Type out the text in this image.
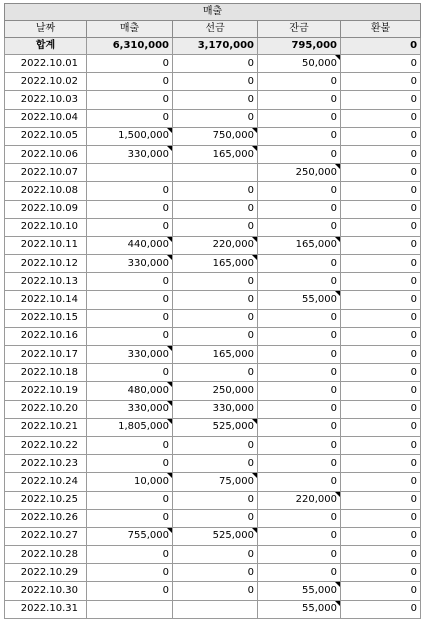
매출				
날짜	매출	선금	잔금	환불
합계	6,310,000	3,170,000	795,000	0
2022.10.01	0	0	50,000	0
2022.10.02	0	0	0	0
2022.10.03	0	0	0	0
2022.10.04	0	0	0	0
2022.10.05	1,500,000	750,000	0	0
2022.10.06	330,000	165,000	0	0
2022.10.07			250,000	0
2022.10.08	0	0	0	0
2022.10.09	0	0	0	0
2022.10.10	0	0	0	0
2022.10.11	440,000	220,000	165,000	0
2022.10.12	330,000	165,000	0	0
2022.10.13	0	0	0	0
2022.10.14	0	0	55,000	0
2022.10.15	0	0	0	0
2022.10.16	0	0	0	0
2022.10.17	330,000	165,000	0	0
2022.10.18	0	0	0	0
2022.10.19	480,000	250,000	0	0
2022.10.20	330,000	330,000	0	0
2022.10.21	1,805,000	525,000	0	0
2022.10.22	0	0	0	0
2022.10.23	0	0	0	0
2022.10.24	10,000	75,000	0	0
2022.10.25	0	0	220,000	0
2022.10.26	0	0	0	0
2022.10.27	755,000	525,000	0	0
2022.10.28	0	0	0	0
2022.10.29	0	0	0	0
2022.10.30	0	0	55,000	0
2022.10.31			55,000	0
